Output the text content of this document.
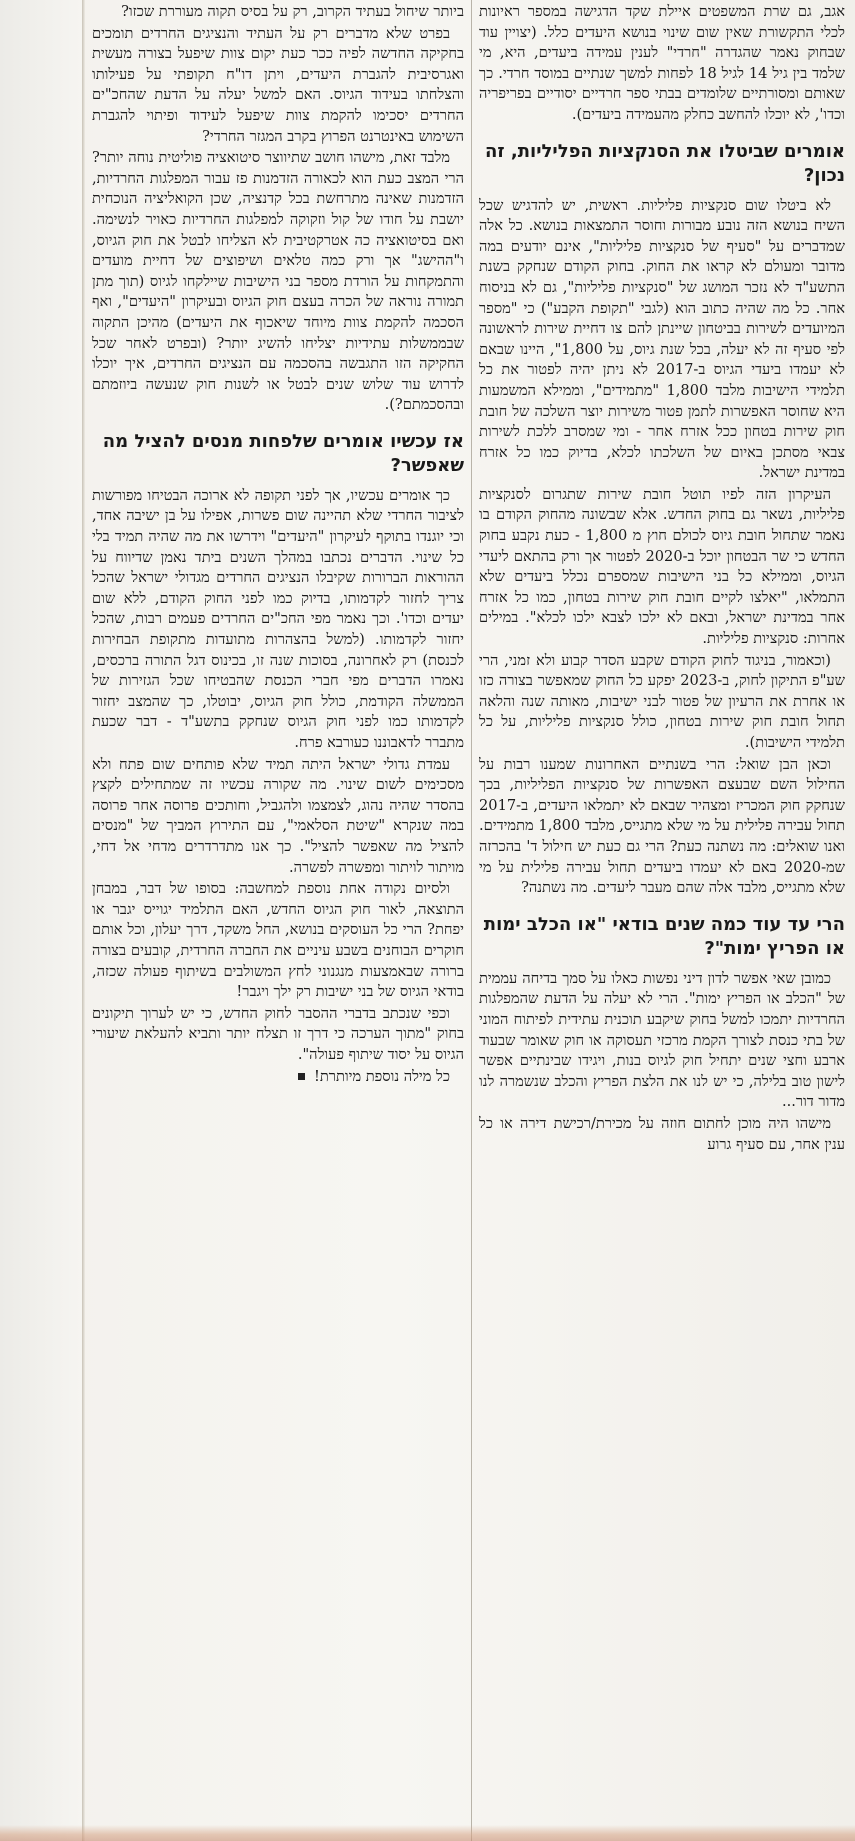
אגב, גם שרת המשפטים איילת שקד הדגישה במספר ראיונות לכלי התקשורת שאין שום שינוי בנושא היעדים כלל. (יצויין עוד שבחוק נאמר שהגדרה "חרדי" לענין עמידה ביעדים, היא, מי שלמד בין גיל 14 לגיל 18 לפחות למשך שנתיים במוסד חרדי. כך שאותם ומסורתיים שלומדים בבתי ספר חרדיים יסודיים בפריפריה וכדו', לא יוכלו להחשב כחלק מהעמידה ביעדים).

אומרים שביטלו את הסנקציות הפליליות, זה נכון?

לא ביטלו שום סנקציות פליליות. ראשית, יש להדגיש שכל השיח בנושא הזה נובע מבורות וחוסר התמצאות בנושא. כל אלה שמדברים על "סעיף של סנקציות פליליות", אינם יודעים במה מדובר ומעולם לא קראו את החוק. בחוק הקודם שנחקק בשנת התשע"ד לא נזכר המושג של "סנקציות פליליות", גם לא בניסוח אחר. כל מה שהיה כתוב הוא (לגבי "תקופת הקבע") כי "מספר המיועדים לשירות בביטחון שיינתן להם צו דחיית שירות לראשונה לפי סעיף זה לא יעלה, בכל שנת גיוס, על 1,800", היינו שבאם לא יעמדו ביעדי הגיוס ב-2017 לא ניתן יהיה לפטור את כל תלמידי הישיבות מלבד 1,800 "מתמידים", וממילא המשמעות היא שחוסר האפשרות לתמן פטור משירות יוצר השלכה של חובת חוק שירות בטחון ככל אזרח אחר - ומי שמסרב ללכת לשירות צבאי מסתכן באיום של השלכתו לכלא, בדיוק כמו כל אזרח במדינת ישראל.

העיקרון הזה לפיו תוטל חובת שירות שתגרום לסנקציות פליליות, נשאר גם בחוק החדש. אלא שבשונה מהחוק הקודם בו נאמר שתחול חובת גיוס לכולם חוץ מ 1,800 - כעת נקבע בחוק החדש כי שר הבטחון יוכל ב-2020 לפטור אך ורק בהתאם ליעדי הגיוס, וממילא כל בני הישיבות שמספרם נכלל ביעדים שלא התמלאו, "יאלצו לקיים חובת חוק שירות בטחון, כמו כל אזרח אחר במדינת ישראל, ובאם לא ילכו לצבא ילכו לכלא". במילים אחרות: סנקציות פליליות.

(וכאמור, בניגוד לחוק הקודם שקבע הסדר קבוע ולא זמני, הרי שע"פ התיקון לחוק, ב-2023 יפקע כל החוק שמאפשר בצורה כזו או אחרת את הרעיון של פטור לבני ישיבות, מאותה שנה והלאה תחול חובת חוק שירות בטחון, כולל סנקציות פליליות, על כל תלמידי הישיבות).

וכאן הבן שואל: הרי בשנתיים האחרונות שמענו רבות על החילול השם שבעצם האפשרות של סנקציות הפליליות, בכך שנחקק חוק המכריז ומצהיר שבאם לא יתמלאו היעדים, ב-2017 תחול עבירה פלילית על מי שלא מתגייס, מלבד 1,800 מתמידים. ואנו שואלים: מה נשתנה כעת? הרי גם כעת יש חילול ד' בהכרזה שמ-2020 באם לא יעמדו ביעדים תחול עבירה פלילית על מי שלא מתגייס, מלבד אלה שהם מעבר ליעדים. מה נשתנה?

הרי עד עוד כמה שנים בודאי "או הכלב ימות או הפריץ ימות"?

כמובן שאי אפשר לדון דיני נפשות כאלו על סמך בדיחה עממית של "הכלב או הפריץ ימות". הרי לא יעלה על הדעת שהמפלגות החרדיות יתמכו למשל בחוק שיקבע תוכנית עתידית לפיתוח המוני של בתי כנסת לצורך הקמת מרכזי תעסוקה או חוק שאומר שבעוד ארבע וחצי שנים יתחיל חוק לגיוס בנות, ויגידו שבינתיים אפשר לישון טוב בלילה, כי יש לנו את הלצת הפריץ והכלב שנשמרה לנו מדור דור...

מישהו היה מוכן לחתום חוזה על מכירת/רכישת דירה או כל ענין אחר, עם סעיף גרוע

ביותר שיחול בעתיד הקרוב, רק על בסיס תקוה מעוררת שכזו?

בפרט שלא מדברים רק על העתיד והנציגים החרדים תומכים בחקיקה החדשה לפיה ככר כעת יקום צוות שיפעל בצורה מעשית ואגרסיבית להגברת היעדים, ויתן דו"ח תקופתי על פעילותו והצלחתו בעידוד הגיוס. האם למשל יעלה על הדעת שהחכ"ים החרדים יסכימו להקמת צוות שיפעל לעידוד ופיתוי להגברת השימוש באינטרנט הפרוץ בקרב המגזר החרדי?

מלבד זאת, מישהו חושב שתיווצר סיטואציה פוליטית נוחה יותר? הרי המצב כעת הוא לכאורה הזדמנות פז עבור המפלגות החרדיות, הזדמנות שאינה מתרחשת בכל קדנציה, שכן הקואליציה הנוכחית יושבת על חודו של קול וזקוקה למפלגות החרדיות כאויר לנשימה. ואם בסיטואציה כה אטרקטיבית לא הצליחו לבטל את חוק הגיוס, ו"ההישג" אך ורק כמה טלאים ושיפוצים של דחיית מועדים והתמקחות על הורדת מספר בני הישיבות שיילקחו לגיוס (תוך מתן תמורה נוראה של הכרה בעצם חוק הגיוס ובעיקרון "היעדים", ואף הסכמה להקמת צוות מיוחד שיאכוף את היעדים) מהיכן התקוה שבממשלות עתידיות יצליחו להשיג יותר? (ובפרט לאחר שכל החקיקה הזו התגבשה בהסכמה עם הנציגים החרדים, איך יוכלו לדרוש עוד שלוש שנים לבטל או לשנות חוק שנעשה ביוזמתם ובהסכמתם?).

אז עכשיו אומרים שלפחות מנסים להציל מה שאפשר?

כך אומרים עכשיו, אך לפני תקופה לא ארוכה הבטיחו מפורשות לציבור החרדי שלא תהיינה שום פשרות, אפילו על בן ישיבה אחד, וכי יוגנדו בתוקף לעיקרון "היעדים" וידרשו את מה שהיה תמיד בלי כל שינוי. הדברים נכתבו במהלך השנים ביתד נאמן שדיווח על ההוראות הברורות שקיבלו הנציגים החרדים מגדולי ישראל שהכל צריך לחזור לקדמותו, בדיוק כמו לפני החוק הקודם, ללא שום יעדים וכדו'. וכך נאמר מפי החכ"ים החרדים פעמים רבות, שהכל יחזור לקדמותו. (למשל בהצהרות מתועדות מתקופת הבחירות לכנסת) רק לאחרונה, בסוכות שנה זו, בכינוס דגל התורה ברכסים, נאמרו הדברים מפי חברי הכנסת שהבטיחו שכל הגזירות של הממשלה הקודמת, כולל חוק הגיוס, יבוטלו, כך שהמצב יחזור לקדמותו כמו לפני חוק הגיוס שנחקק בתשע"ד - דבר שכעת מתברר לדאבוננו כעורבא פרח.

עמדת גדולי ישראל היתה תמיד שלא פותחים שום פתח ולא מסכימים לשום שינוי. מה שקורה עכשיו זה שמתחילים לקצץ בהסדר שהיה נהוג, לצמצמו ולהגביל, וחותכים פרוסה אחר פרוסה במה שנקרא "שיטת הסלאמי", עם התירוץ המביך של "מנסים להציל מה שאפשר להציל". כך אנו מתדרדרים מדחי אל דחי, מויתור לויתור ומפשרה לפשרה.

ולסיום נקודה אחת נוספת למחשבה: בסופו של דבר, במבחן התוצאה, לאור חוק הגיוס החדש, האם התלמיד יגוייס יגבר או יפחת? הרי כל העוסקים בנושא, החל משקד, דרך יעלון, וכל אותם חוקרים הבוחנים בשבע עיניים את החברה החרדית, קובעים בצורה ברורה שבאמצעות מנגנוני לחץ המשולבים בשיתוף פעולה שכזה, בודאי הגיוס של בני ישיבות רק ילך ויגבר!

וכפי שנכתב בדברי ההסבר לחוק החדש, כי יש לערוך תיקונים בחוק "מתוך הערכה כי דרך זו תצלח יותר ותביא להעלאת שיעורי הגיוס על יסוד שיתוף פעולה".

כל מילה נוספת מיותרת!
